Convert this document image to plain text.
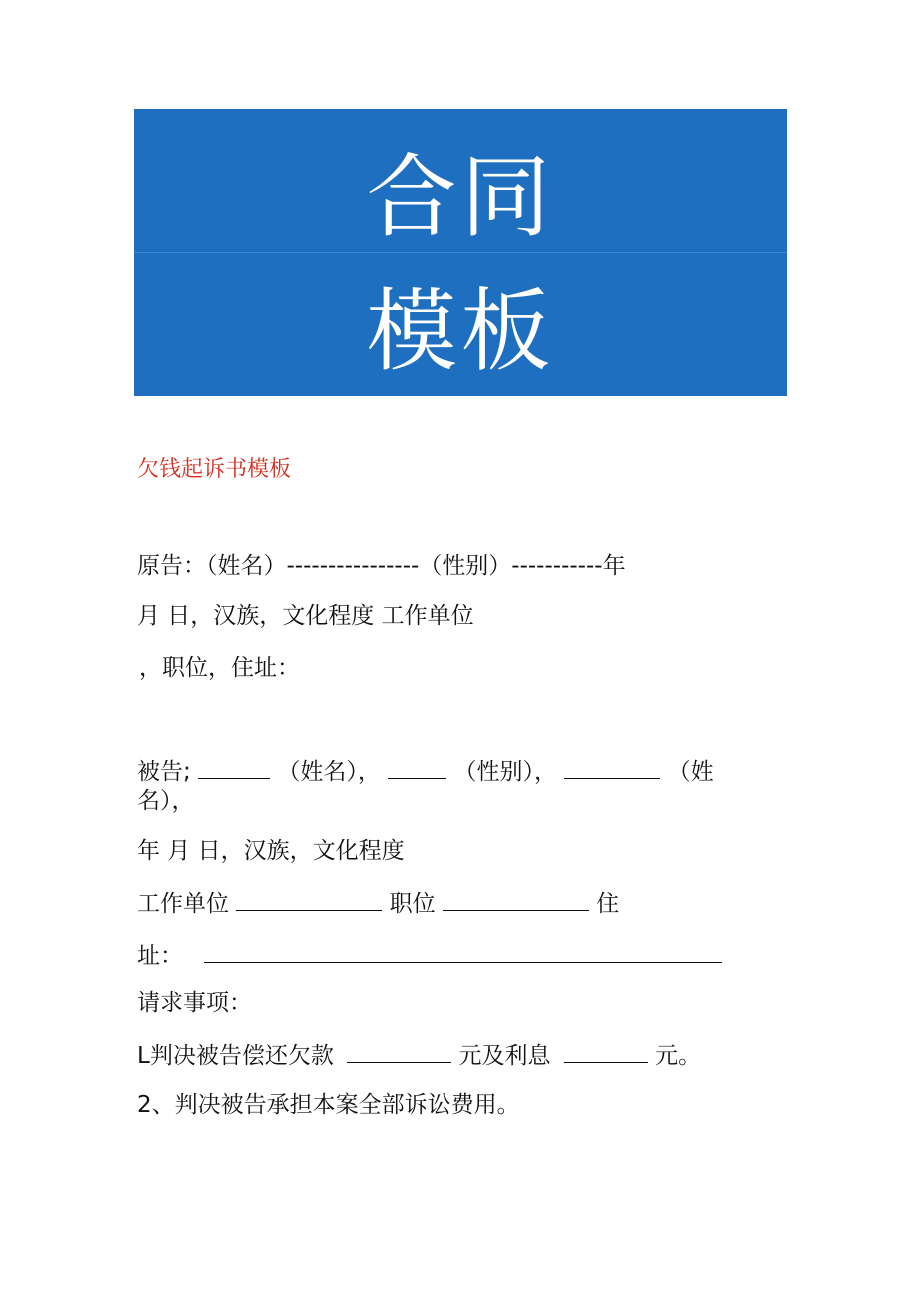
合同
模板
欠钱起诉书模板
原告：（姓名）----------------（性别）-----------年
月 日，汉族，文化程度 工作单位
，职位，住址：
被告;	（姓名），	（性别），	（姓
名），
年 月 日，汉族，文化程度
工作单位	职位	住
址：
请求事项：
L判决被告偿还欠款	元及利息	元。
2、判决被告承担本案全部诉讼费用。
